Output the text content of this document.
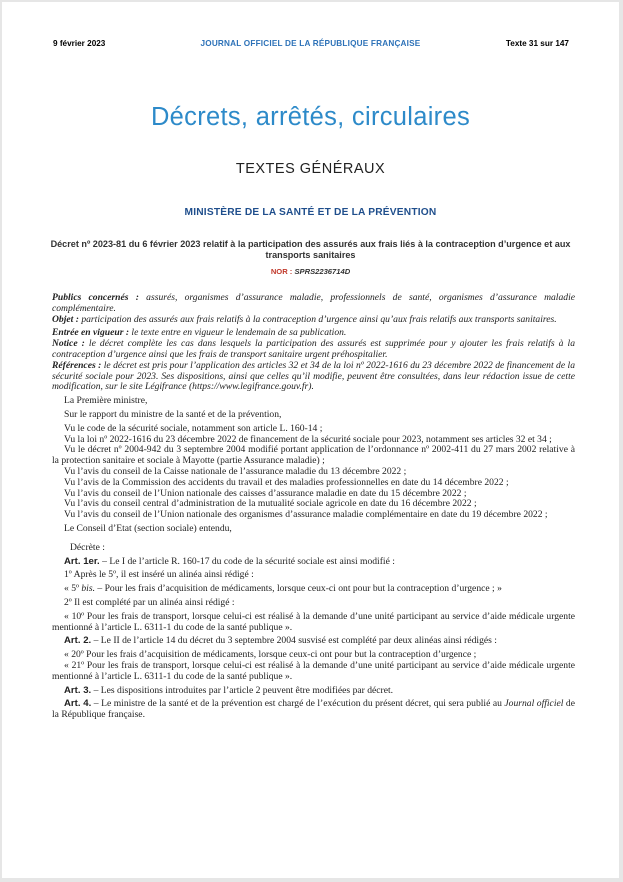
9 février 2023	JOURNAL OFFICIEL DE LA RÉPUBLIQUE FRANÇAISE	Texte 31 sur 147
Décrets, arrêtés, circulaires
TEXTES GÉNÉRAUX
MINISTÈRE DE LA SANTÉ ET DE LA PRÉVENTION
Décret nº 2023-81 du 6 février 2023 relatif à la participation des assurés aux frais liés à la contraception d’urgence et aux transports sanitaires
NOR : SPRS2236714D

Publics concernés : assurés, organismes d’assurance maladie, professionnels de santé, organismes d’assurance maladie complémentaire.

Objet : participation des assurés aux frais relatifs à la contraception d’urgence ainsi qu’aux frais relatifs aux transports sanitaires.

Entrée en vigueur : le texte entre en vigueur le lendemain de sa publication.

Notice : le décret complète les cas dans lesquels la participation des assurés est supprimée pour y ajouter les frais relatifs à la contraception d’urgence ainsi que les frais de transport sanitaire urgent préhospitalier.

Références : le décret est pris pour l’application des articles 32 et 34 de la loi nº 2022-1616 du 23 décembre 2022 de financement de la sécurité sociale pour 2023. Ses dispositions, ainsi que celles qu’il modifie, peuvent être consultées, dans leur rédaction issue de cette modification, sur le site Légifrance (https://www.legifrance.gouv.fr).

La Première ministre,

Sur le rapport du ministre de la santé et de la prévention,

Vu le code de la sécurité sociale, notamment son article L. 160-14 ;

Vu la loi nº 2022-1616 du 23 décembre 2022 de financement de la sécurité sociale pour 2023, notamment ses articles 32 et 34 ;

Vu le décret nº 2004-942 du 3 septembre 2004 modifié portant application de l’ordonnance nº 2002-411 du 27 mars 2002 relative à la protection sanitaire et sociale à Mayotte (partie Assurance maladie) ;

Vu l’avis du conseil de la Caisse nationale de l’assurance maladie du 13 décembre 2022 ;

Vu l’avis de la Commission des accidents du travail et des maladies professionnelles en date du 14 décembre 2022 ;

Vu l’avis du conseil de l’Union nationale des caisses d’assurance maladie en date du 15 décembre 2022 ;

Vu l’avis du conseil central d’administration de la mutualité sociale agricole en date du 16 décembre 2022 ;

Vu l’avis du conseil de l’Union nationale des organismes d’assurance maladie complémentaire en date du 19 décembre 2022 ;

Le Conseil d’Etat (section sociale) entendu,

Décrète :

Art. 1er. – Le I de l’article R. 160-17 du code de la sécurité sociale est ainsi modifié :

1º Après le 5º, il est inséré un alinéa ainsi rédigé :

« 5º bis. – Pour les frais d’acquisition de médicaments, lorsque ceux-ci ont pour but la contraception d’urgence ; »

2º Il est complété par un alinéa ainsi rédigé :

« 10º Pour les frais de transport, lorsque celui-ci est réalisé à la demande d’une unité participant au service d’aide médicale urgente mentionné à l’article L. 6311-1 du code de la santé publique ».

Art. 2. – Le II de l’article 14 du décret du 3 septembre 2004 susvisé est complété par deux alinéas ainsi rédigés :

« 20º Pour les frais d’acquisition de médicaments, lorsque ceux-ci ont pour but la contraception d’urgence ;

« 21º Pour les frais de transport, lorsque celui-ci est réalisé à la demande d’une unité participant au service d’aide médicale urgente mentionné à l’article L. 6311-1 du code de la santé publique ».

Art. 3. – Les dispositions introduites par l’article 2 peuvent être modifiées par décret.

Art. 4. – Le ministre de la santé et de la prévention est chargé de l’exécution du présent décret, qui sera publié au Journal officiel de la République française.
